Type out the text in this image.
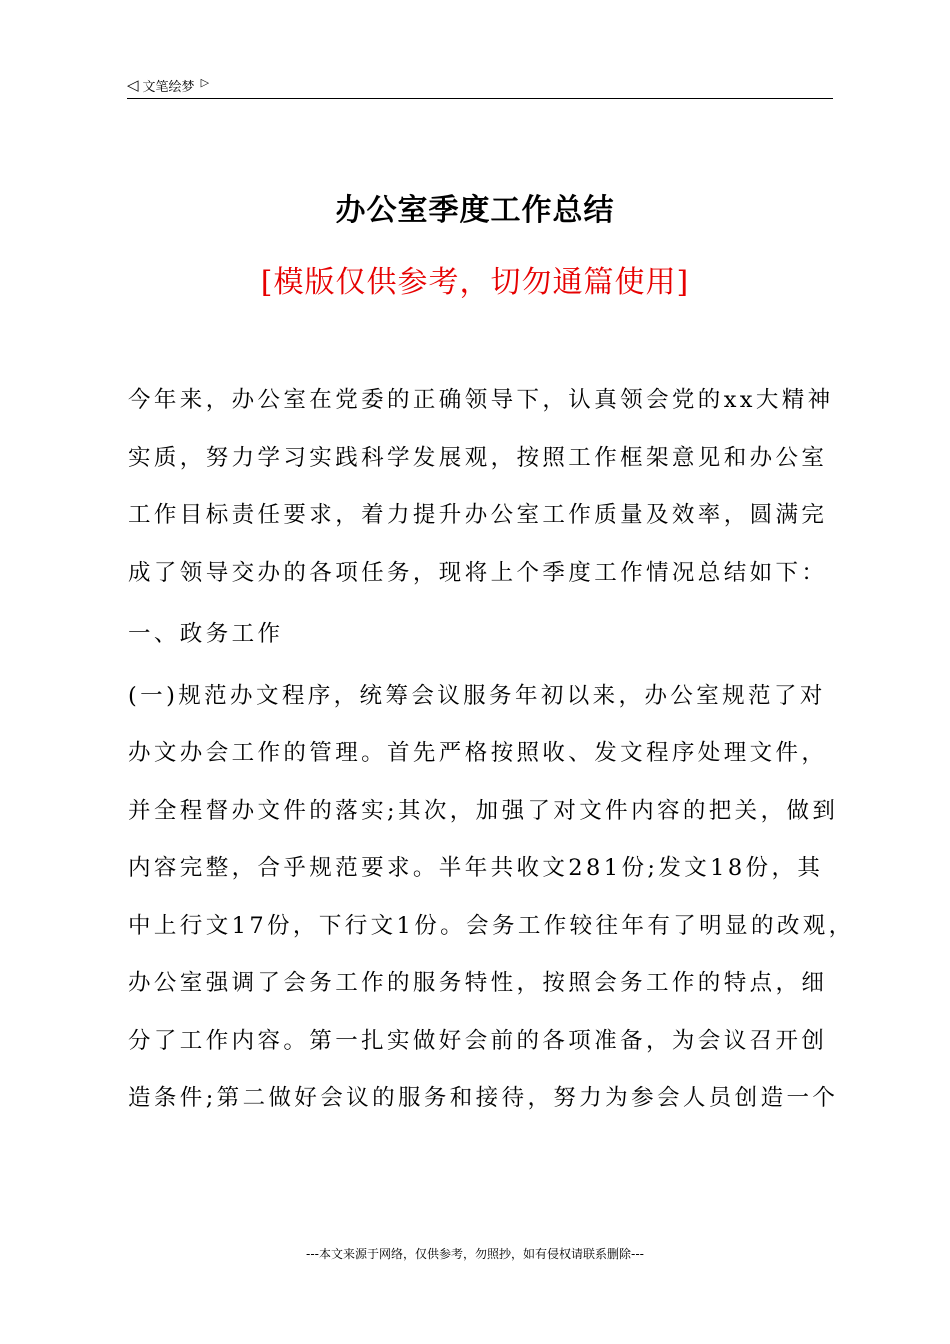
◁ 文笔绘梦 ▷
办公室季度工作总结
[模版仅供参考，切勿通篇使用]
今年来，办公室在党委的正确领导下，认真领会党的xx大精神
实质，努力学习实践科学发展观，按照工作框架意见和办公室
工作目标责任要求，着力提升办公室工作质量及效率，圆满完
成了领导交办的各项任务，现将上个季度工作情况总结如下：
一、政务工作
(一)规范办文程序，统筹会议服务年初以来，办公室规范了对
办文办会工作的管理。首先严格按照收、发文程序处理文件，
并全程督办文件的落实;其次，加强了对文件内容的把关，做到
内容完整，合乎规范要求。半年共收文281份;发文18份，其
中上行文17份，下行文1份。会务工作较往年有了明显的改观，
办公室强调了会务工作的服务特性，按照会务工作的特点，细
分了工作内容。第一扎实做好会前的各项准备，为会议召开创
造条件;第二做好会议的服务和接待，努力为参会人员创造一个
---本文来源于网络，仅供参考，勿照抄，如有侵权请联系删除---
